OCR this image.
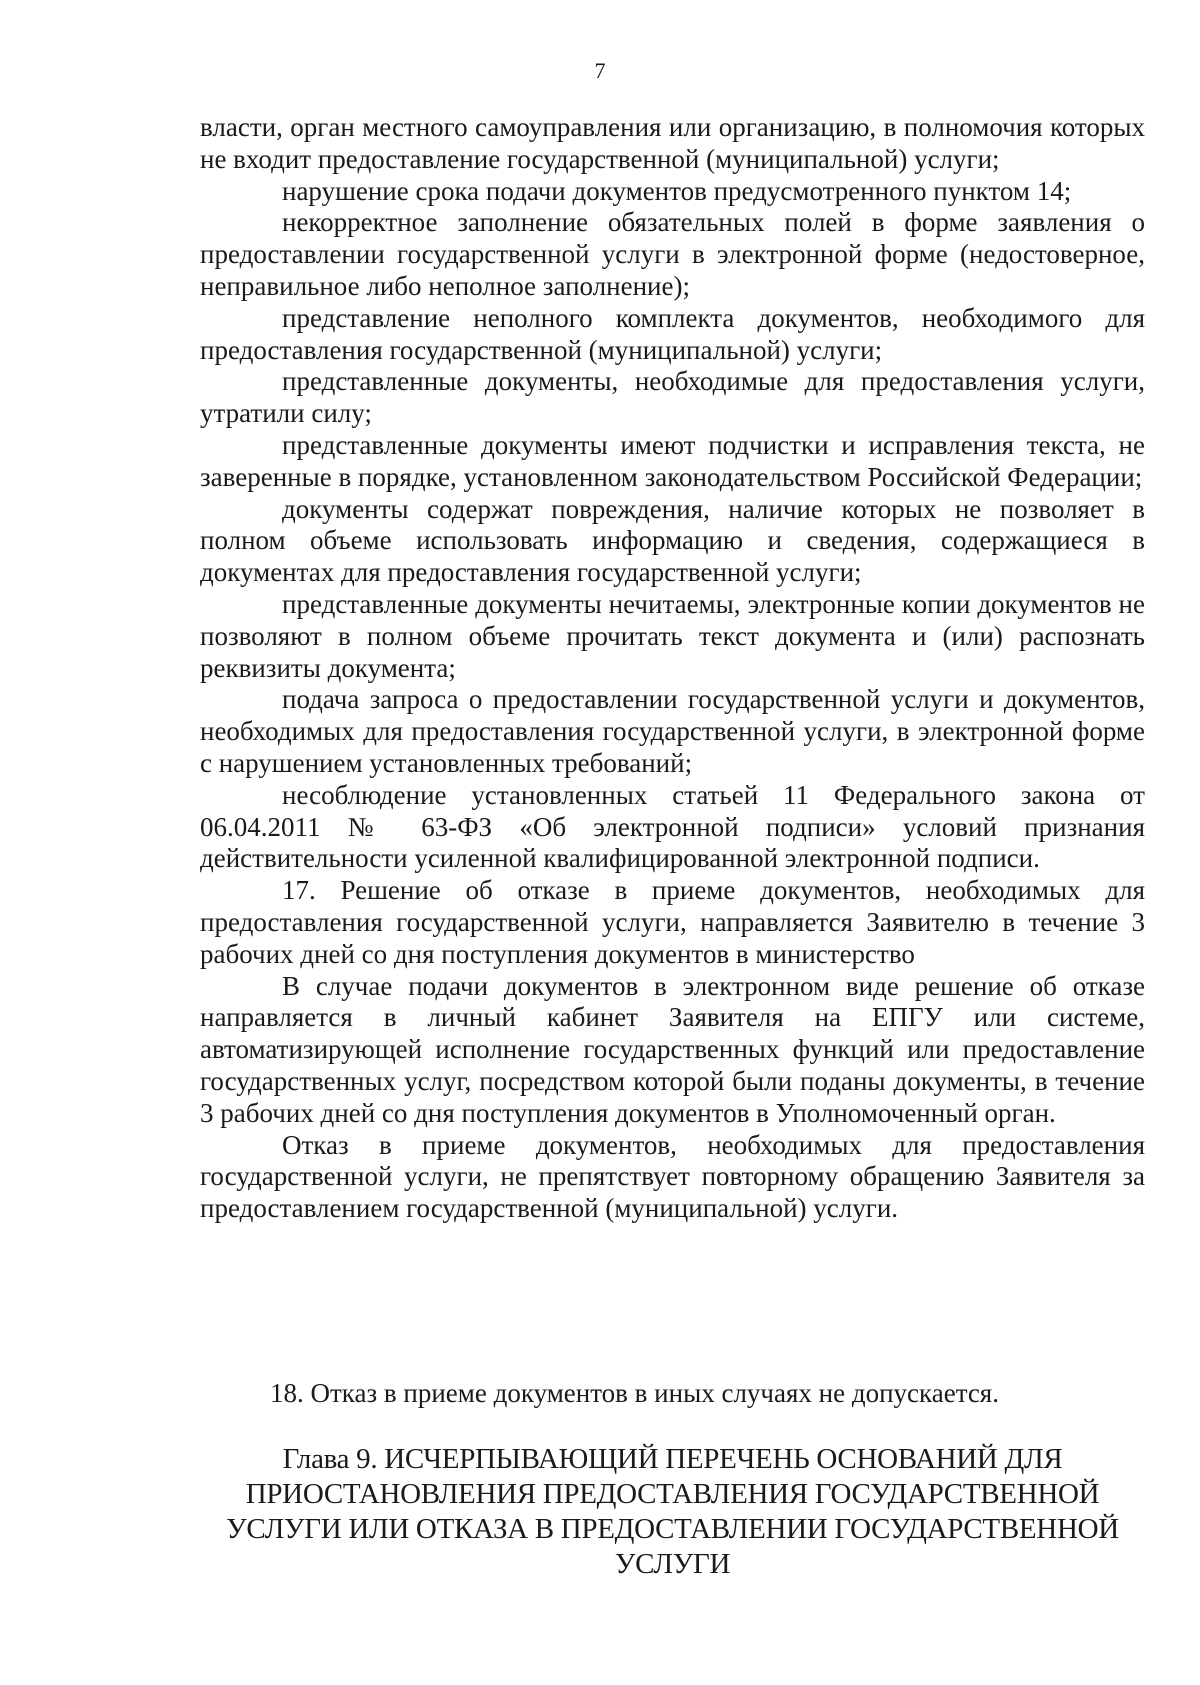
7

власти, орган местного самоуправления или организацию, в полномочия которых не входит предоставление государственной (муниципальной) услуги;

нарушение срока подачи документов предусмотренного пунктом 14;

некорректное заполнение обязательных полей в форме заявления о предоставлении государственной услуги в электронной форме (недостоверное, неправильное либо неполное заполнение);

представление неполного комплекта документов, необходимого для предоставления государственной (муниципальной) услуги;

представленные документы, необходимые для предоставления услуги, утратили силу;

представленные документы имеют подчистки и исправления текста, не заверенные в порядке, установленном законодательством Российской Федерации;

документы содержат повреждения, наличие которых не позволяет в полном объеме использовать информацию и сведения, содержащиеся в документах для предоставления государственной услуги;

представленные документы нечитаемы, электронные копии документов не позволяют в полном объеме прочитать текст документа и (или) распознать реквизиты документа;

подача запроса о предоставлении государственной услуги и документов, необходимых для предоставления государственной услуги, в электронной форме с нарушением установленных требований;

несоблюдение установленных статьей 11 Федерального закона от 06.04.2011 № 63-ФЗ «Об электронной подписи» условий признания действительности усиленной квалифицированной электронной подписи.

17. Решение об отказе в приеме документов, необходимых для предоставления государственной услуги, направляется Заявителю в течение 3 рабочих дней со дня поступления документов в министерство

В случае подачи документов в электронном виде решение об отказе направляется в личный кабинет Заявителя на ЕПГУ или системе, автоматизирующей исполнение государственных функций или предоставление государственных услуг, посредством которой были поданы документы, в течение 3 рабочих дней со дня поступления документов в Уполномоченный орган.

Отказ в приеме документов, необходимых для предоставления государственной услуги, не препятствует повторному обращению Заявителя за предоставлением государственной (муниципальной) услуги.

18. Отказ в приеме документов в иных случаях не допускается.

Глава 9. ИСЧЕРПЫВАЮЩИЙ ПЕРЕЧЕНЬ ОСНОВАНИЙ ДЛЯ ПРИОСТАНОВЛЕНИЯ ПРЕДОСТАВЛЕНИЯ ГОСУДАРСТВЕННОЙ УСЛУГИ ИЛИ ОТКАЗА В ПРЕДОСТАВЛЕНИИ ГОСУДАРСТВЕННОЙ УСЛУГИ
